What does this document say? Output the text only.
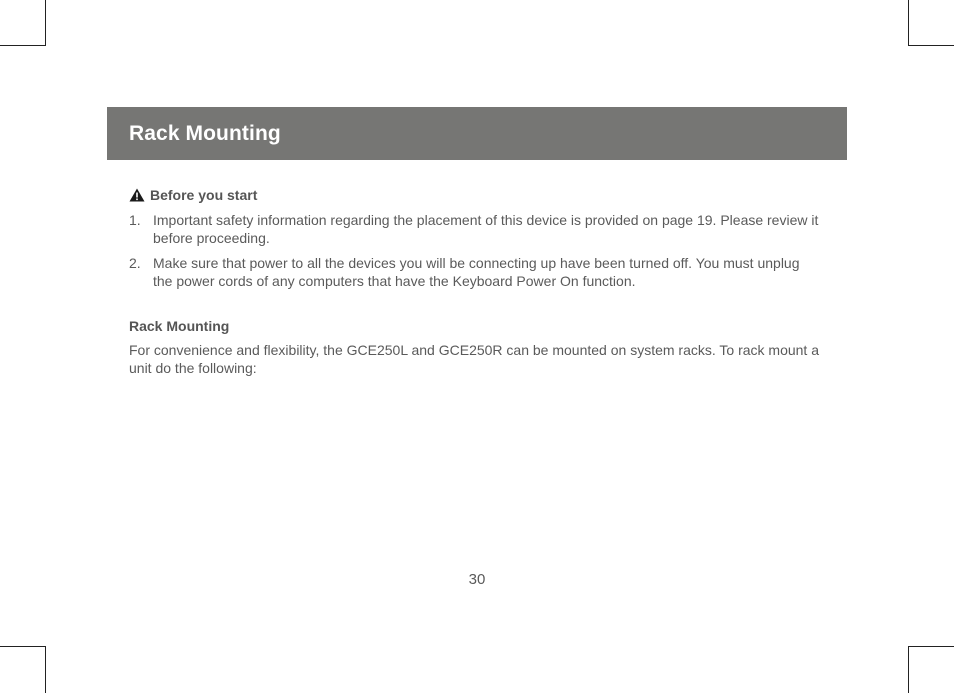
Rack Mounting
Before you start
1. Important safety information regarding the placement of this device is provided on page 19. Please review it before proceeding.
2. Make sure that power to all the devices you will be connecting up have been turned off. You must unplug the power cords of any computers that have the Keyboard Power On function.
Rack Mounting

For convenience and flexibility, the GCE250L and GCE250R can be mounted on system racks. To rack mount a unit do the following:

30
